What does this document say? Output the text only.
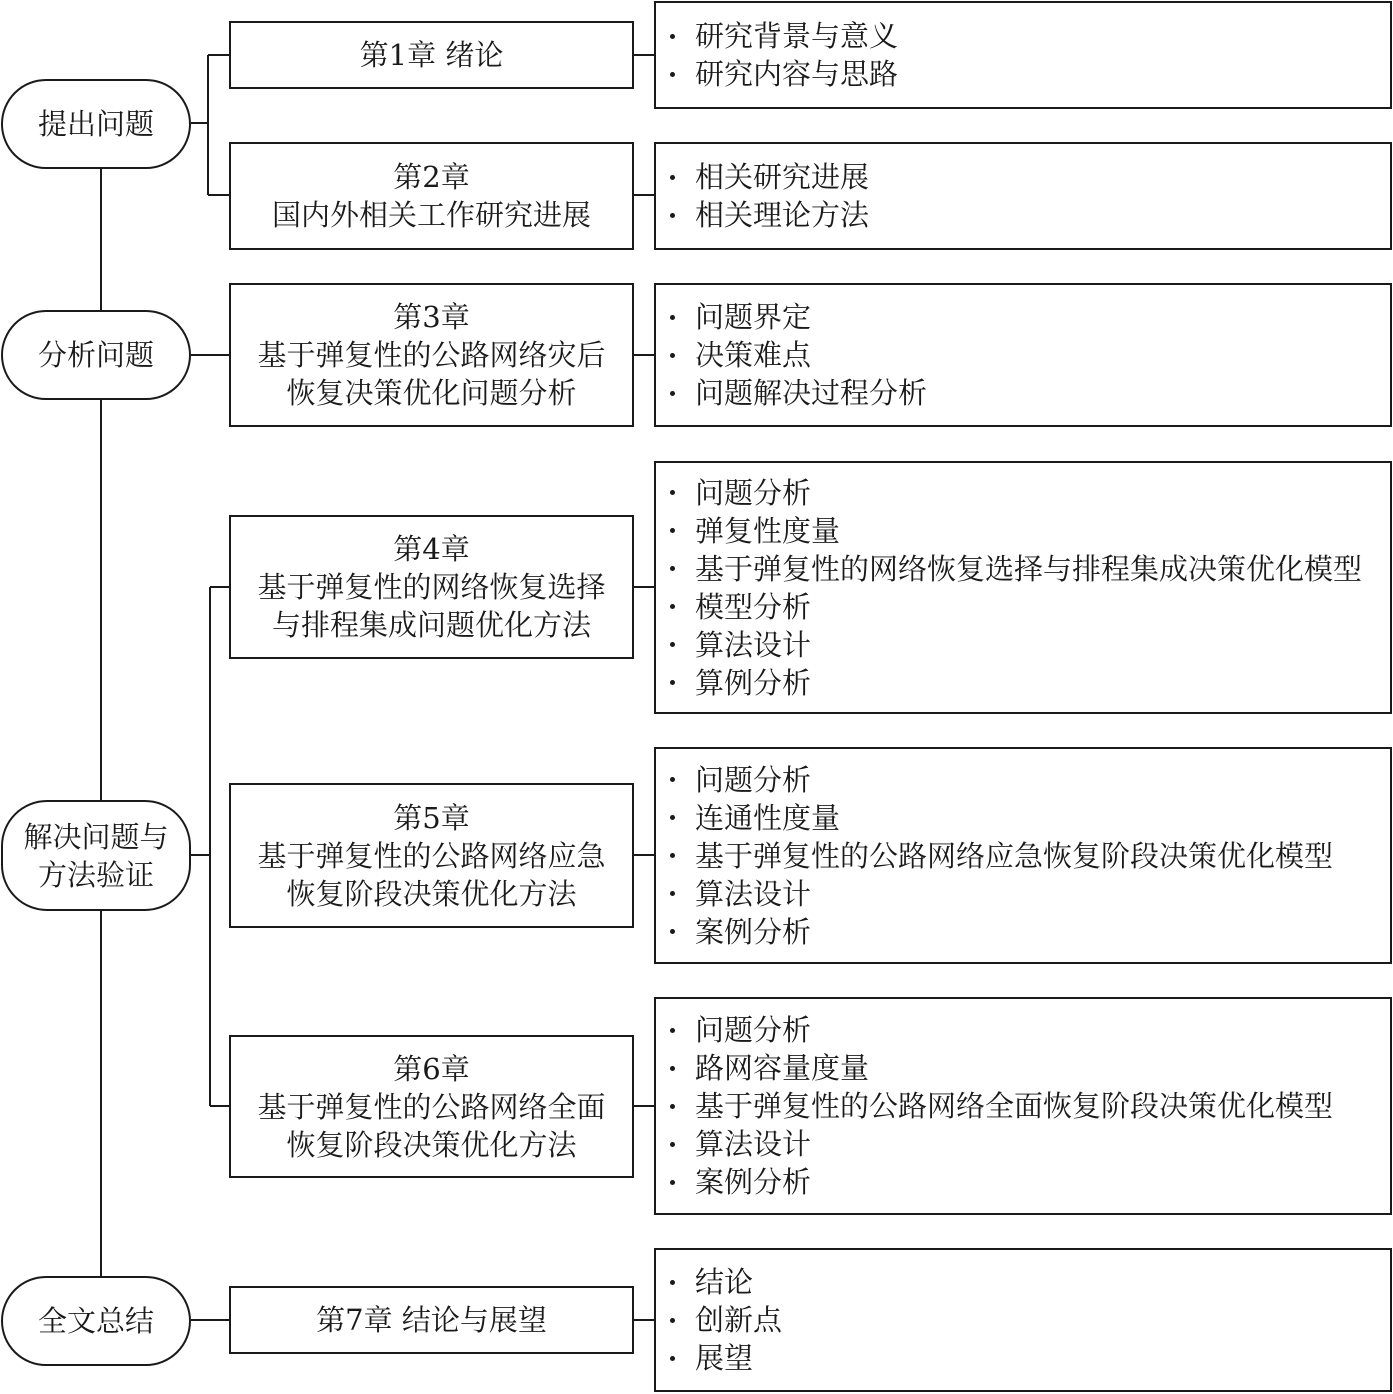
提出问题
分析问题
解决问题与
方法验证
全文总结
第1章 绪论
第2章
国内外相关工作研究进展
第3章
基于弹复性的公路网络灾后
恢复决策优化问题分析
第4章
基于弹复性的网络恢复选择
与排程集成问题优化方法
第5章
基于弹复性的公路网络应急
恢复阶段决策优化方法
第6章
基于弹复性的公路网络全面
恢复阶段决策优化方法
第7章 结论与展望
研究背景与意义
研究内容与思路
相关研究进展
相关理论方法
问题界定
决策难点
问题解决过程分析
问题分析
弹复性度量
基于弹复性的网络恢复选择与排程集成决策优化模型
模型分析
算法设计
算例分析
问题分析
连通性度量
基于弹复性的公路网络应急恢复阶段决策优化模型
算法设计
案例分析
问题分析
路网容量度量
基于弹复性的公路网络全面恢复阶段决策优化模型
算法设计
案例分析
结论
创新点
展望
